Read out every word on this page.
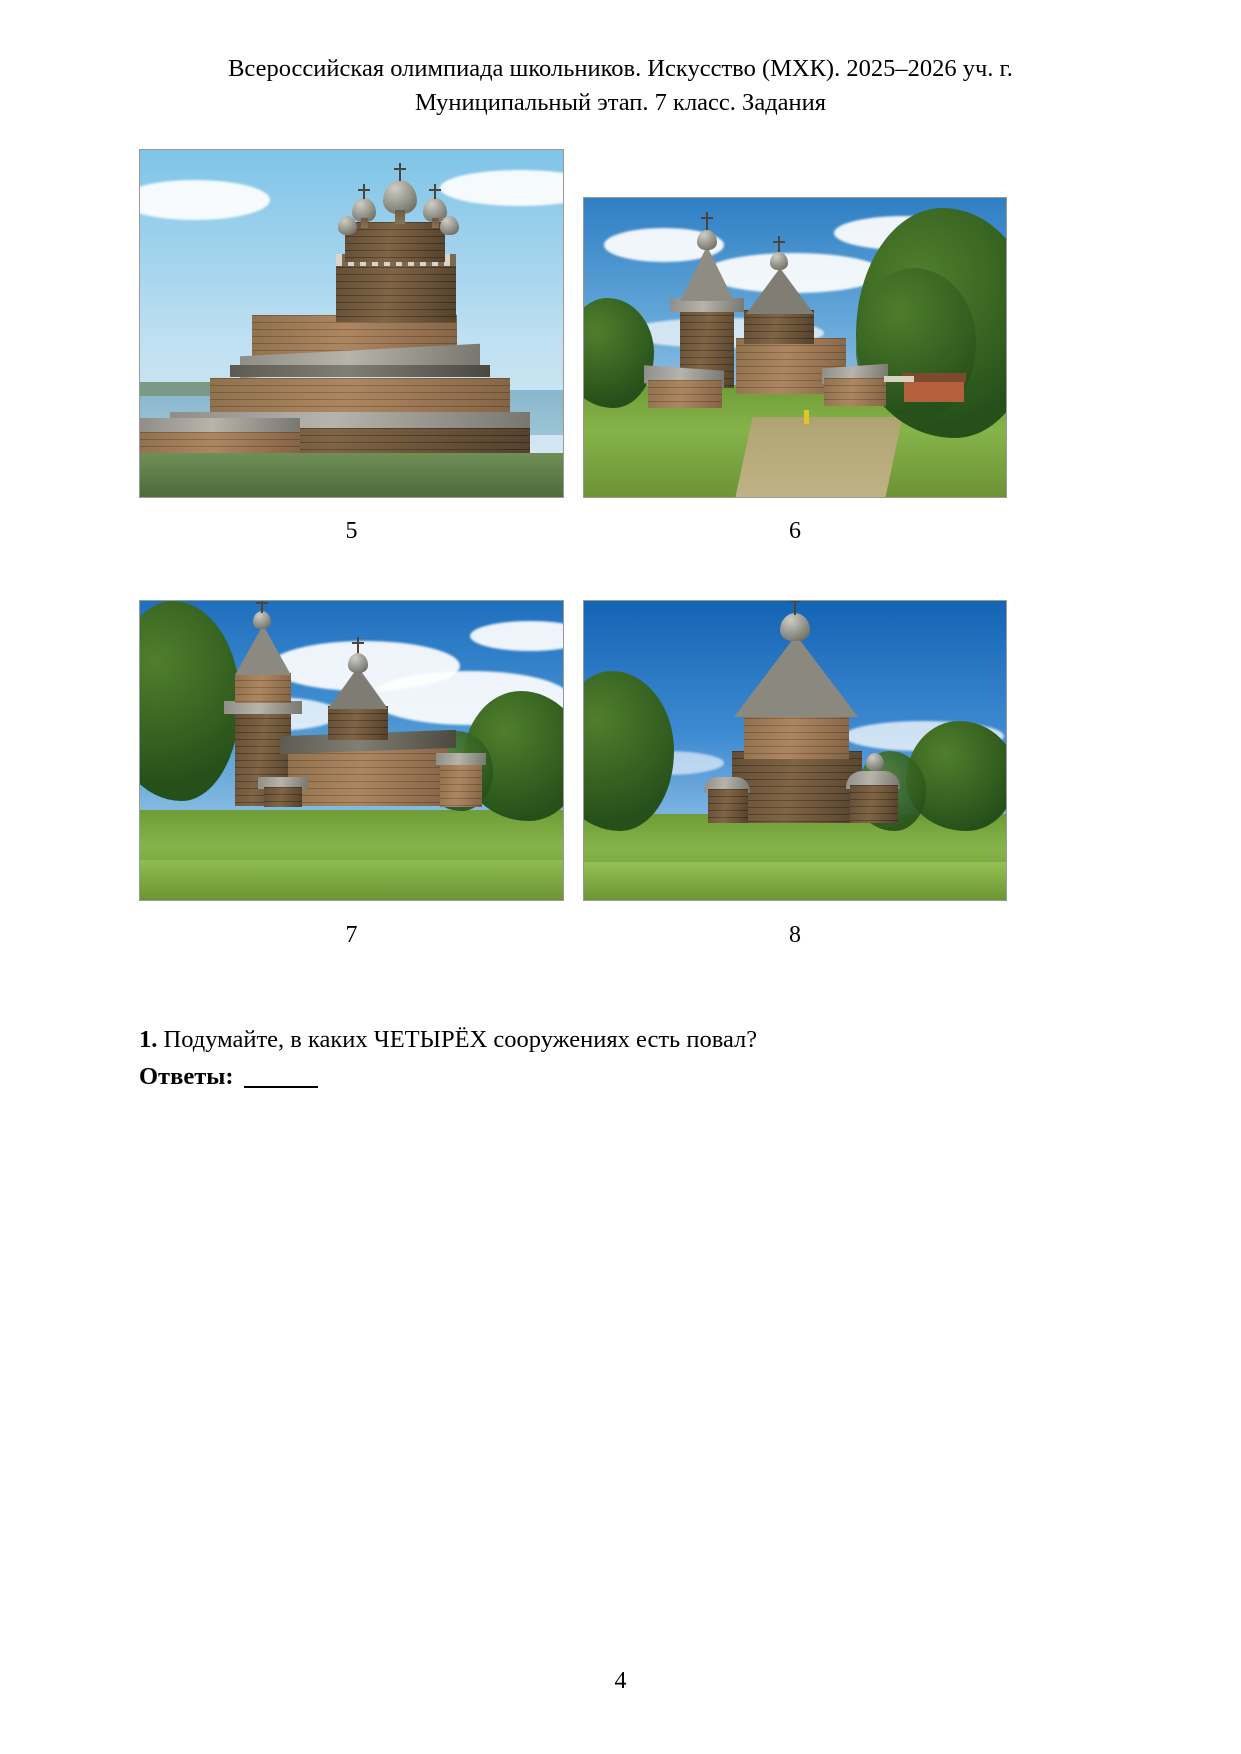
Всероссийская олимпиада школьников. Искусство (МХК). 2025–2026 уч. г.
Муниципальный этап. 7 класс. Задания
5	6
7	8
1. Подумайте, в каких ЧЕТЫРЁХ сооружениях есть повал?
Ответы:
4
